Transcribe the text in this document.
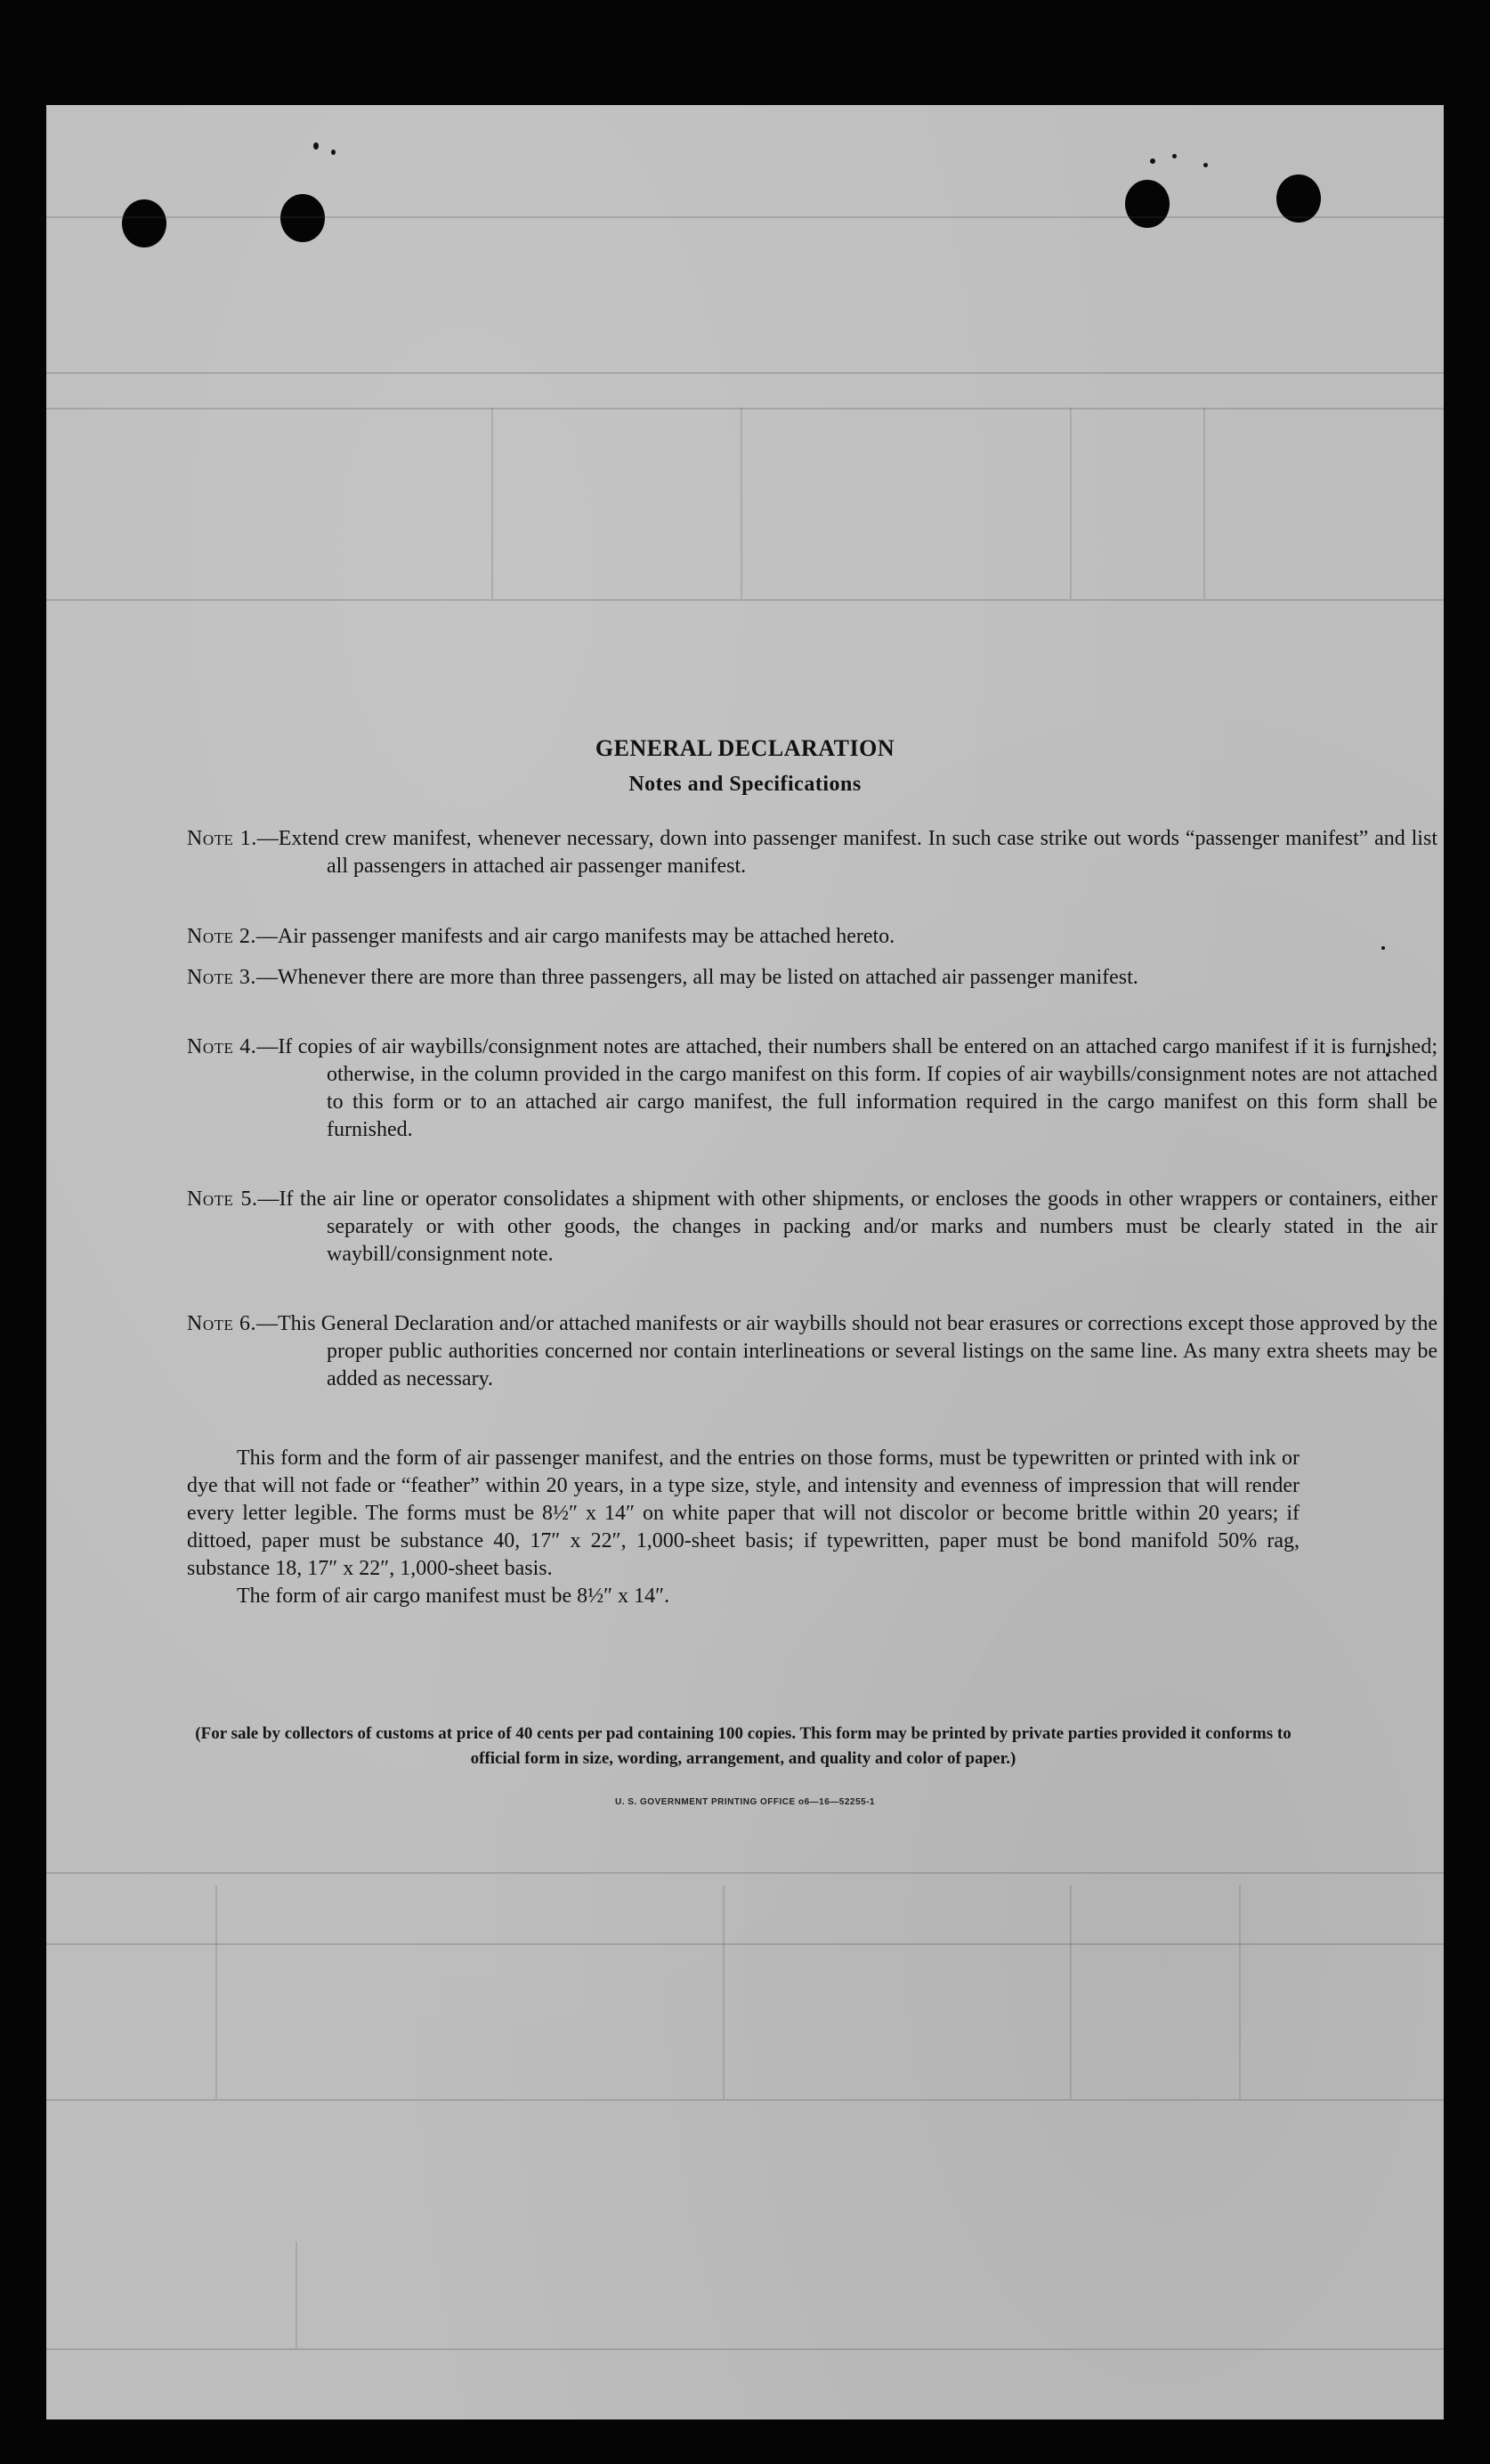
GENERAL DECLARATION
Notes and Specifications
Note 1.—Extend crew manifest, whenever necessary, down into passenger manifest. In such case strike out words “passenger manifest” and list all passengers in attached air passenger manifest.
Note 2.—Air passenger manifests and air cargo manifests may be attached hereto.
Note 3.—Whenever there are more than three passengers, all may be listed on attached air passenger manifest.
Note 4.—If copies of air waybills/consignment notes are attached, their numbers shall be entered on an attached cargo manifest if it is furnished; otherwise, in the column provided in the cargo manifest on this form. If copies of air waybills/consignment notes are not attached to this form or to an attached air cargo manifest, the full information required in the cargo manifest on this form shall be furnished.
Note 5.—If the air line or operator consolidates a shipment with other shipments, or encloses the goods in other wrappers or containers, either separately or with other goods, the changes in packing and/or marks and numbers must be clearly stated in the air waybill/consignment note.
Note 6.—This General Declaration and/or attached manifests or air waybills should not bear erasures or corrections except those approved by the proper public authorities concerned nor contain interlineations or several listings on the same line. As many extra sheets may be added as necessary.

This form and the form of air passenger manifest, and the entries on those forms, must be typewritten or printed with ink or dye that will not fade or “feather” within 20 years, in a type size, style, and intensity and evenness of impression that will render every letter legible. The forms must be 8½″ x 14″ on white paper that will not discolor or become brittle within 20 years; if dittoed, paper must be substance 40, 17″ x 22″, 1,000-sheet basis; if typewritten, paper must be bond manifold 50% rag, substance 18, 17″ x 22″, 1,000-sheet basis.

The form of air cargo manifest must be 8½″ x 14″.

(For sale by collectors of customs at price of 40 cents per pad containing 100 copies. This form may be printed by private parties provided it conforms to official form in size, wording, arrangement, and quality and color of paper.)
U. S. GOVERNMENT PRINTING OFFICE o6—16—52255-1
